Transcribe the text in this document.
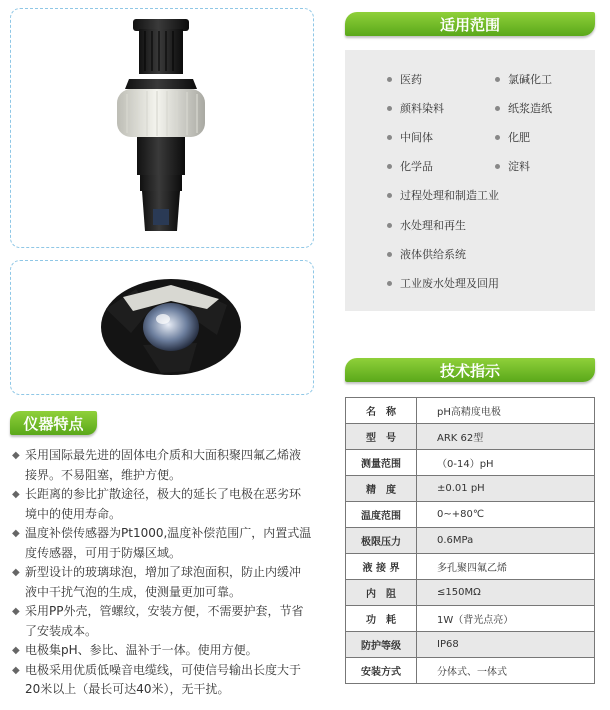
适用范围
医药	氯碱化工
颜料染料	纸浆造纸
中间体	化肥
化学品	淀料
过程处理和制造工业
水处理和再生
液体供给系统
工业废水处理及回用
技术指示
名　称	pH高精度电极
型　号	ARK 62型
测量范围	（0-14）pH
精　度	±0.01 pH
温度范围	0~+80℃
极限压力	0.6MPa
液 接 界	多孔聚四氟乙烯
内　阻	≤150MΩ
功　耗	1W（背光点亮）
防护等级	IP68
安装方式	分体式、一体式
仪器特点
◆ 采用国际最先进的固体电介质和大面积聚四氟乙烯液接界。不易阻塞，维护方便。
◆ 长距离的参比扩散途径，极大的延长了电极在恶劣环境中的使用寿命。
◆ 温度补偿传感器为Pt1000,温度补偿范围广，内置式温度传感器，可用于防爆区域。
◆ 新型设计的玻璃球泡，增加了球泡面积，防止内缓冲液中干扰气泡的生成，使测量更加可靠。
◆ 采用PP外壳，管螺纹，安装方便，不需要护套，节省了安装成本。
◆ 电极集pH、参比、温补于一体。使用方便。
◆ 电极采用优质低噪音电缆线，可使信号输出长度大于20米以上（最长可达40米），无干扰。
